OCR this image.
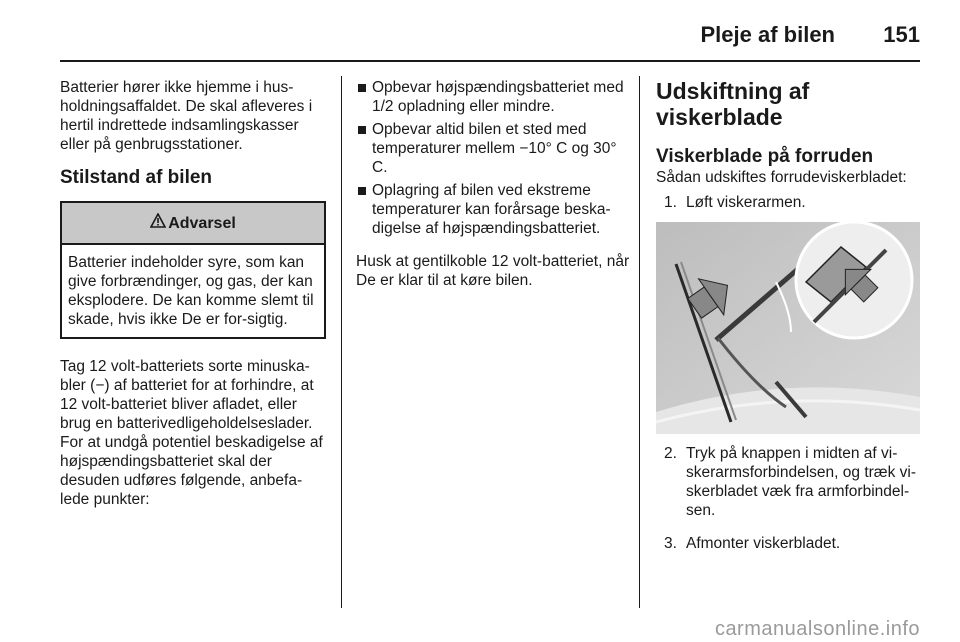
Pleje af bilen 151

Batterier hører ikke hjemme i hus-holdningsaffaldet. De skal afleveres i hertil indrettede indsamlingskasser eller på genbrugsstationer.

Stilstand af bilen
Advarsel
Batterier indeholder syre, som kan give forbrændinger, og gas, der kan eksplodere. De kan komme slemt til skade, hvis ikke De er for-sigtig.

Tag 12 volt-batteriets sorte minuska-bler (−) af batteriet for at forhindre, at 12 volt-batteriet bliver afladet, eller brug en batterivedligeholdelseslader. For at undgå potentiel beskadigelse af højspændingsbatteriet skal der desuden udføres følgende, anbefa-lede punkter:

Opbevar højspændingsbatteriet med 1/2 opladning eller mindre.
Opbevar altid bilen et sted med temperaturer mellem −10° C og 30° C.
Oplagring af bilen ved ekstreme temperaturer kan forårsage beska-digelse af højspændingsbatteriet.

Husk at gentilkoble 12 volt-batteriet, når De er klar til at køre bilen.

Udskiftning af viskerblade
Viskerblade på forruden
Sådan udskiftes forrudeviskerbladet:
1. Løft viskerarmen.
2. Tryk på knappen i midten af vi-skerarmsforbindelsen, og træk vi-skerbladet væk fra armforbindel-sen.
3. Afmonter viskerbladet.
carmanualsonline.info
